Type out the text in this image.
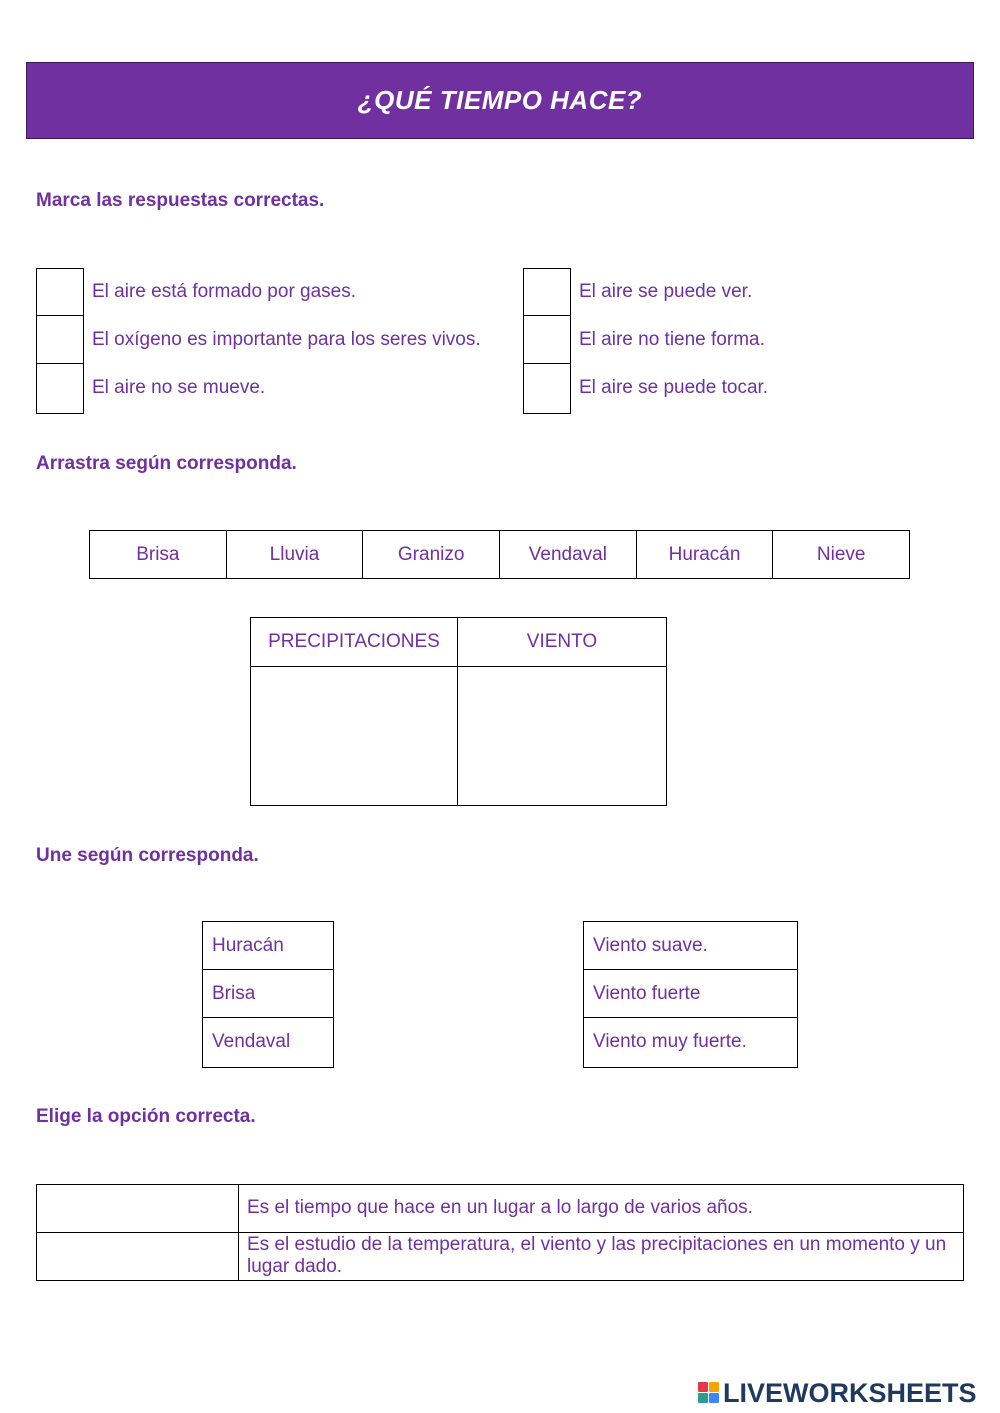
¿QUÉ TIEMPO HACE?
Marca las respuestas correctas.
El aire está formado por gases.
El oxígeno es importante para los seres vivos.
El aire no se mueve.
El aire se puede ver.
El aire no tiene forma.
El aire se puede tocar.
Arrastra según corresponda.
Brisa	Lluvia	Granizo	Vendaval	Huracán	Nieve
PRECIPITACIONES	VIENTO
Une según corresponda.
Huracán
Brisa
Vendaval
Viento suave.
Viento fuerte
Viento muy fuerte.
Elige la opción correcta.
Es el tiempo que hace en un lugar a lo largo de varios años.
Es el estudio de la temperatura, el viento y las precipitaciones en un momento y un lugar dado.
LIVEWORKSHEETS
